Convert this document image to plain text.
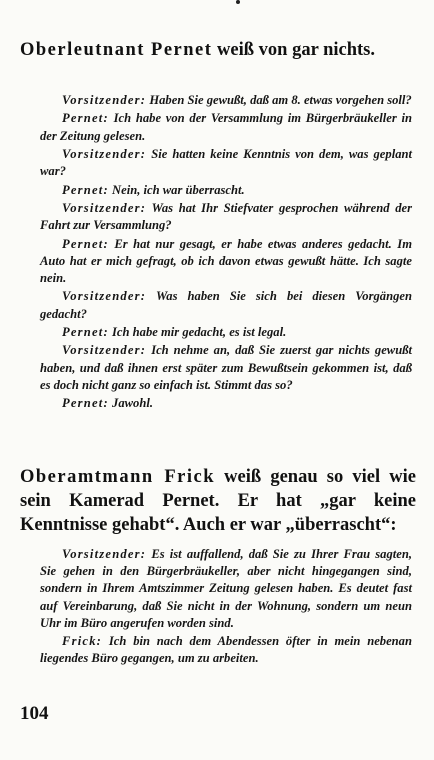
Oberleutnant Pernet weiß von gar nichts.

Vorsitzender: Haben Sie gewußt, daß am 8. etwas vorgehen soll?

Pernet: Ich habe von der Versammlung im Bürgerbräukeller in der Zeitung gelesen.

Vorsitzender: Sie hatten keine Kenntnis von dem, was geplant war?

Pernet: Nein, ich war überrascht.

Vorsitzender: Was hat Ihr Stiefvater gesprochen während der Fahrt zur Versammlung?

Pernet: Er hat nur gesagt, er habe etwas anderes gedacht. Im Auto hat er mich gefragt, ob ich davon etwas gewußt hätte. Ich sagte nein.

Vorsitzender: Was haben Sie sich bei diesen Vorgängen gedacht?

Pernet: Ich habe mir gedacht, es ist legal.

Vorsitzender: Ich nehme an, daß Sie zuerst gar nichts gewußt haben, und daß ihnen erst später zum Bewußtsein gekommen ist, daß es doch nicht ganz so einfach ist. Stimmt das so?

Pernet: Jawohl.

Oberamtmann Frick weiß genau so viel wie sein Kamerad Pernet. Er hat „gar keine Kenntnisse gehabt“. Auch er war „überrascht“:

Vorsitzender: Es ist auffallend, daß Sie zu Ihrer Frau sagten, Sie gehen in den Bürgerbräukeller, aber nicht hingegangen sind, sondern in Ihrem Amtszimmer Zeitung gelesen haben. Es deutet fast auf Vereinbarung, daß Sie nicht in der Wohnung, sondern um neun Uhr im Büro angerufen worden sind.

Frick: Ich bin nach dem Abendessen öfter in mein nebenan liegendes Büro gegangen, um zu arbeiten.

104
